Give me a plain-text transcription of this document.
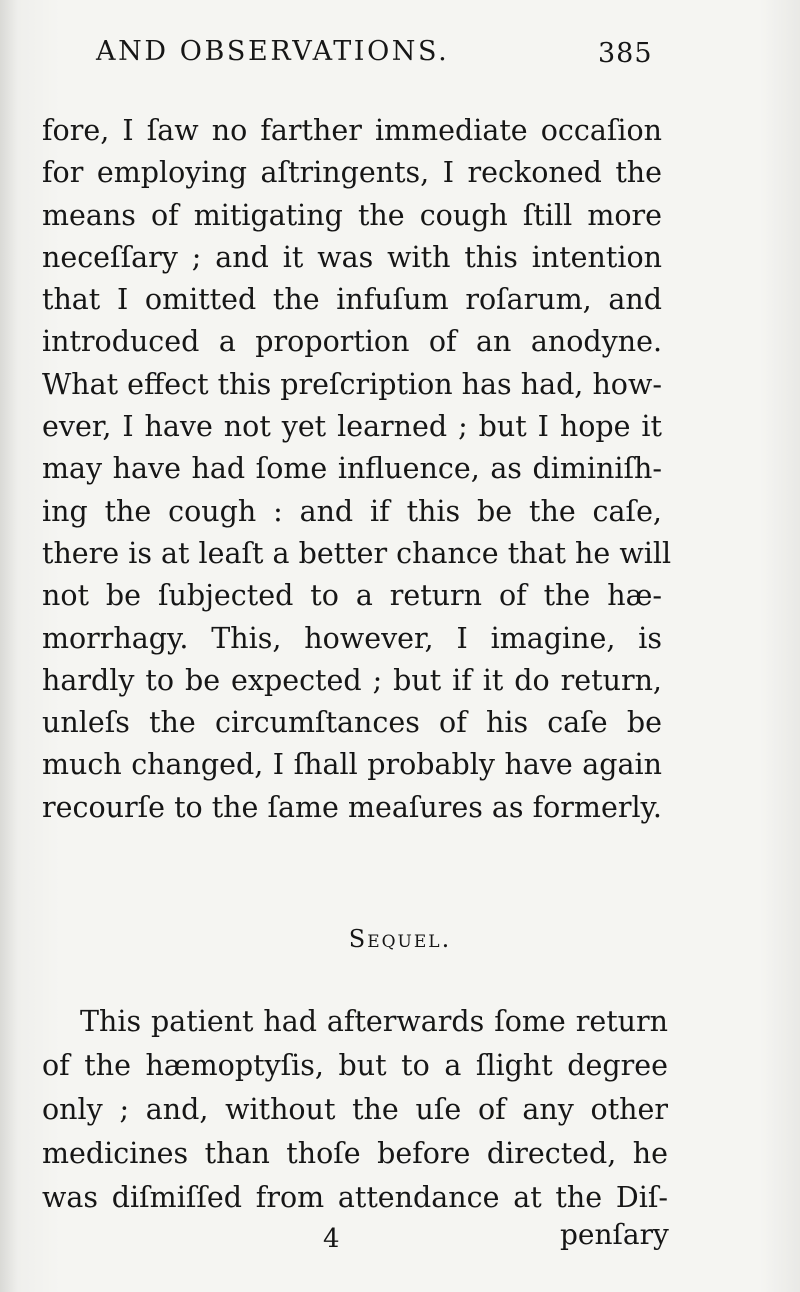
AND OBSERVATIONS.	385
fore, I ſaw no farther immediate occaſion
for employing aſtringents, I reckoned the
means of mitigating the cough ſtill more
neceſſary ; and it was with this intention
that I omitted the infuſum roſarum, and
introduced a proportion of an anodyne.
What effect this preſcription has had, how-
ever, I have not yet learned ; but I hope it
may have had ſome influence, as diminiſh-
ing the cough : and if this be the caſe,
there is at leaſt a better chance that he will
not be ſubjected to a return of the hæ-
morrhagy. This, however, I imagine, is
hardly to be expected ; but if it do return,
unleſs the circumſtances of his caſe be
much changed, I ſhall probably have again
recourſe to the ſame meaſures as formerly.
Sequel.
This patient had afterwards ſome return
of the hæmoptyſis, but to a ſlight degree
only ; and, without the uſe of any other
medicines than thoſe before directed, he
was diſmiſſed from attendance at the Diſ-
4	penſary
